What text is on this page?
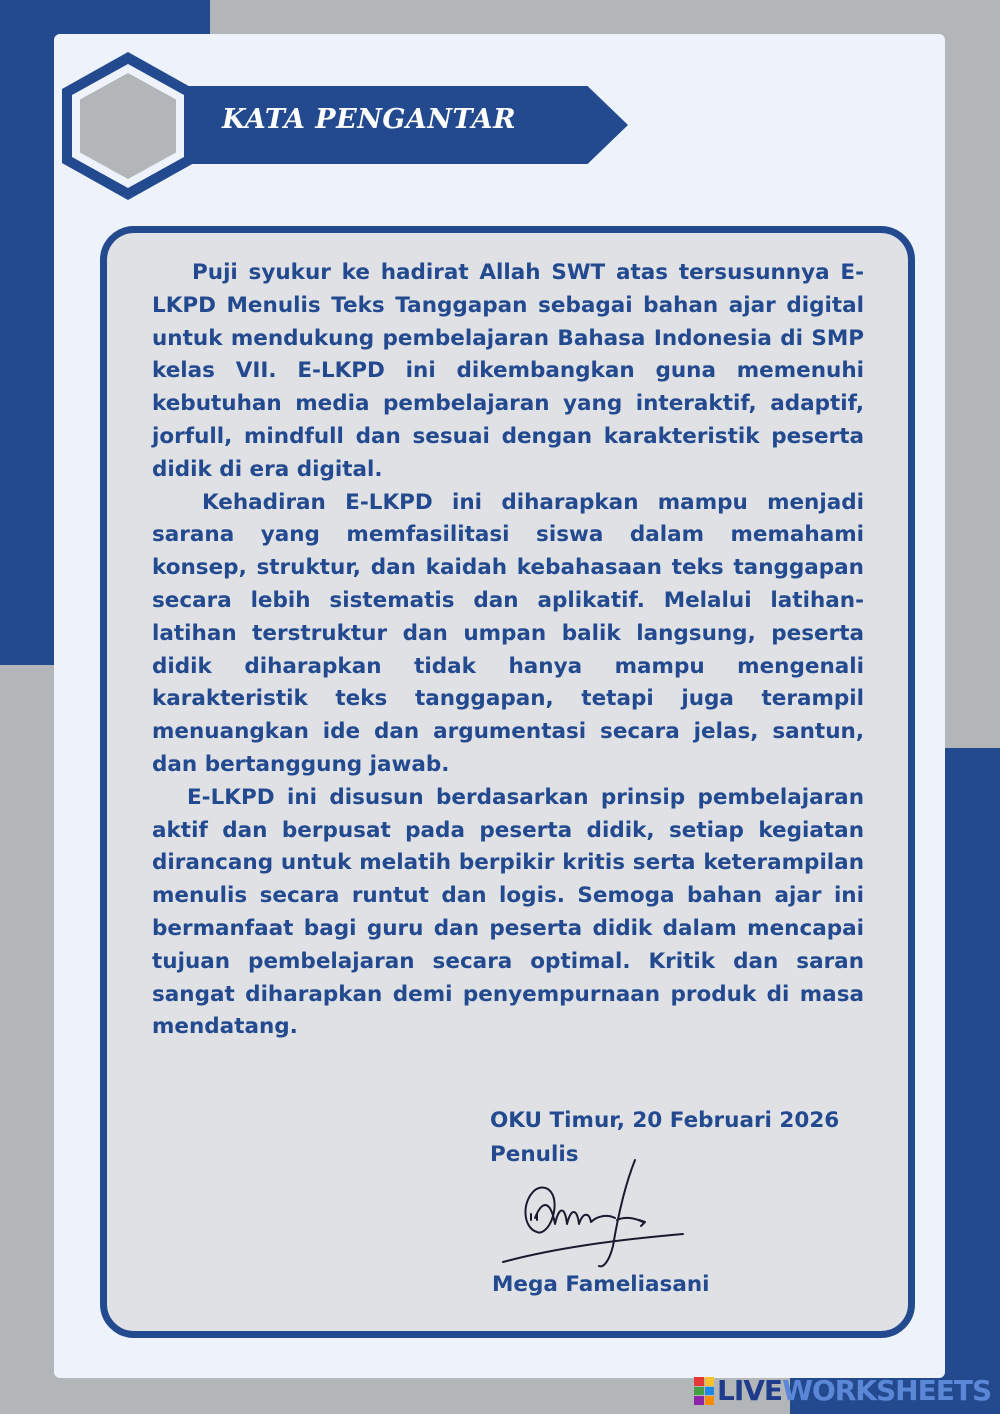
KATA PENGANTAR

Puji syukur ke hadirat Allah SWT atas tersusunnya E-LKPD Menulis Teks Tanggapan sebagai bahan ajar digital untuk mendukung pembelajaran Bahasa Indonesia di SMP kelas VII. E-LKPD ini dikembangkan guna memenuhi kebutuhan media pembelajaran yang interaktif, adaptif, jorfull, mindfull dan sesuai dengan karakteristik peserta didik di era digital.

Kehadiran E-LKPD ini diharapkan mampu menjadi sarana yang memfasilitasi siswa dalam memahami konsep, struktur, dan kaidah kebahasaan teks tanggapan secara lebih sistematis dan aplikatif. Melalui latihan-latihan terstruktur dan umpan balik langsung, peserta didik diharapkan tidak hanya mampu mengenali karakteristik teks tanggapan, tetapi juga terampil menuangkan ide dan argumentasi secara jelas, santun, dan bertanggung jawab.

E-LKPD ini disusun berdasarkan prinsip pembelajaran aktif dan berpusat pada peserta didik, setiap kegiatan dirancang untuk melatih berpikir kritis serta keterampilan menulis secara runtut dan logis. Semoga bahan ajar ini bermanfaat bagi guru dan peserta didik dalam mencapai tujuan pembelajaran secara optimal. Kritik dan saran sangat diharapkan demi penyempurnaan produk di masa mendatang.

OKU Timur, 20 Februari 2026
Penulis
Mega Fameliasani
LIVE WORKSHEETS
